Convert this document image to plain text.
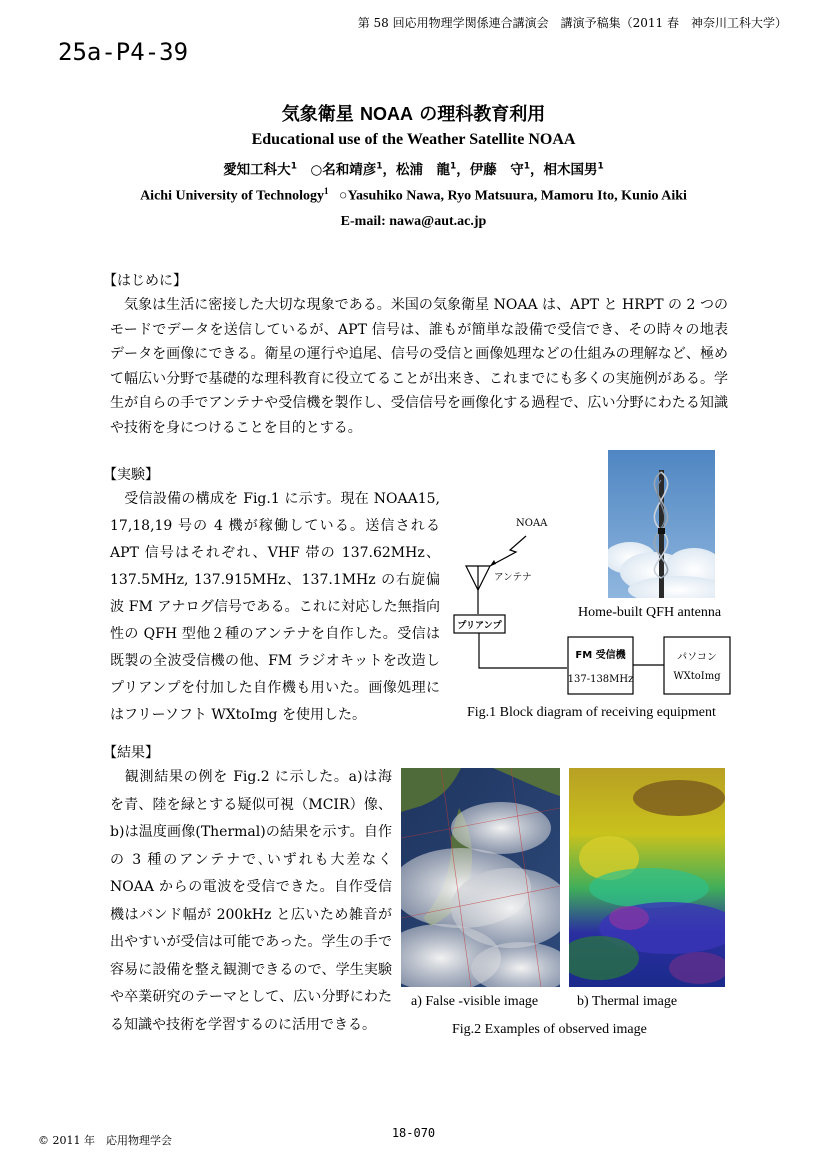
第 58 回応用物理学関係連合講演会　講演予稿集（2011 春　神奈川工科大学）
25a-P4-39
気象衛星 NOAA の理科教育利用
Educational use of the Weather Satellite NOAA
愛知工科大$^1$　 ○名和靖彦$^1$，松浦　龍$^1$，伊藤　守$^1$，相木国男$^1$
Aichi University of Technology$^1$ ○Yasuhiko Nawa, Ryo Matsuura, Mamoru Ito, Kunio Aiki
E-mail: nawa@aut.ac.jp
【はじめに】
　気象は生活に密接した大切な現象である。米国の気象衛星 NOAA は、APT と HRPT の 2 つのモードでデータを送信しているが、APT 信号は、誰もが簡単な設備で受信でき、その時々の地表データを画像にできる。衛星の運行や追尾、信号の受信と画像処理などの仕組みの理解など、極めて幅広い分野で基礎的な理科教育に役立てることが出来き、これまでにも多くの実施例がある。学生が自らの手でアンテナや受信機を製作し、受信信号を画像化する過程で、広い分野にわたる知識や技術を身につけることを目的とする。
【実験】
　受信設備の構成を Fig.1 に示す。現在 NOAA15, 17,18,19 号の 4 機が稼働している。送信される APT 信号はそれぞれ、VHF 帯の 137.62MHz、137.5MHz, 137.915MHz、137.1MHz の右旋偏波 FM アナログ信号である。これに対応した無指向性の QFH 型他２種のアンテナを自作した。受信は既製の全波受信機の他、FM ラジオキットを改造しプリアンプを付加した自作機も用いた。画像処理にはフリーソフト WXtoImg を使用した。
Home-built QFH antenna
NOAA
アンテナ
プリアンプ
FM 受信機
137-138MHz
パソコン
WXtoImg
Fig.1 Block diagram of receiving equipment
【結果】
　観測結果の例を Fig.2 に示した。a)は海を青、陸を緑とする疑似可視（MCIR）像、b)は温度画像(Thermal)の結果を示す。自作の 3 種のアンテナで､いずれも大差なく NOAA からの電波を受信できた。自作受信機はバンド幅が 200kHz と広いため雑音が出やすいが受信は可能であった。学生の手で容易に設備を整え観測できるので、学生実験や卒業研究のテーマとして、広い分野にわたる知識や技術を学習するのに活用できる。
a) False -visible image	b) Thermal image
Fig.2 Examples of observed image
© 2011 年　応用物理学会
18-070
